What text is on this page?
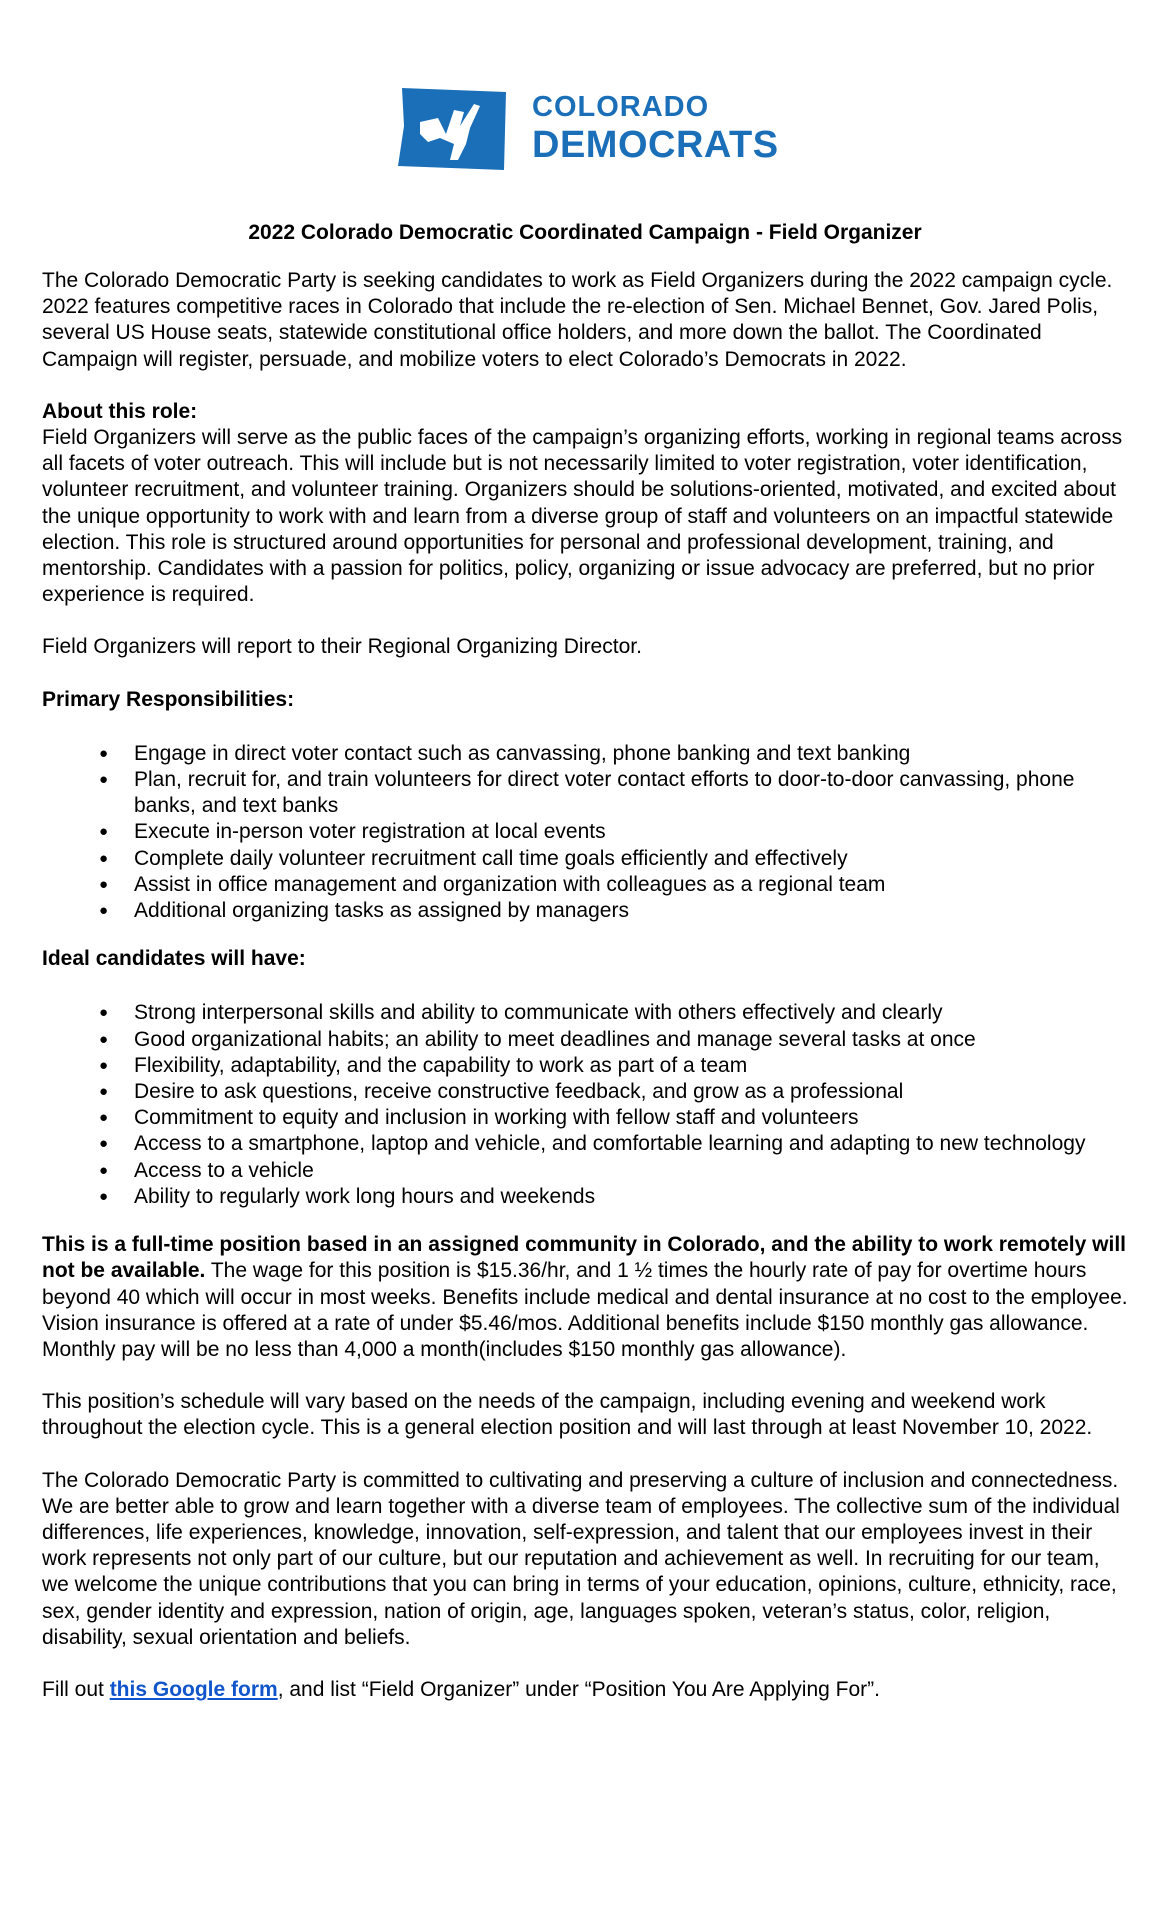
COLORADO
DEMOCRATS
2022 Colorado Democratic Coordinated Campaign - Field Organizer

The Colorado Democratic Party is seeking candidates to work as Field Organizers during the 2022 campaign cycle. 2022 features competitive races in Colorado that include the re-election of Sen. Michael Bennet, Gov. Jared Polis, several US House seats, statewide constitutional office holders, and more down the ballot. The Coordinated Campaign will register, persuade, and mobilize voters to elect Colorado’s Democrats in 2022.

About this role:

Field Organizers will serve as the public faces of the campaign’s organizing efforts, working in regional teams across all facets of voter outreach. This will include but is not necessarily limited to voter registration, voter identification, volunteer recruitment, and volunteer training. Organizers should be solutions-oriented, motivated, and excited about the unique opportunity to work with and learn from a diverse group of staff and volunteers on an impactful statewide election. This role is structured around opportunities for personal and professional development, training, and mentorship. Candidates with a passion for politics, policy, organizing or issue advocacy are preferred, but no prior experience is required.

Field Organizers will report to their Regional Organizing Director.

Primary Responsibilities:
● Engage in direct voter contact such as canvassing, phone banking and text banking
● Plan, recruit for, and train volunteers for direct voter contact efforts to door-to-door canvassing, phone banks, and text banks
● Execute in-person voter registration at local events
● Complete daily volunteer recruitment call time goals efficiently and effectively
● Assist in office management and organization with colleagues as a regional team
● Additional organizing tasks as assigned by managers
Ideal candidates will have:
● Strong interpersonal skills and ability to communicate with others effectively and clearly
● Good organizational habits; an ability to meet deadlines and manage several tasks at once
● Flexibility, adaptability, and the capability to work as part of a team
● Desire to ask questions, receive constructive feedback, and grow as a professional
● Commitment to equity and inclusion in working with fellow staff and volunteers
● Access to a smartphone, laptop and vehicle, and comfortable learning and adapting to new technology
● Access to a vehicle
● Ability to regularly work long hours and weekends

This is a full-time position based in an assigned community in Colorado, and the ability to work remotely will not be available. The wage for this position is $15.36/hr, and 1 ½ times the hourly rate of pay for overtime hours beyond 40 which will occur in most weeks. Benefits include medical and dental insurance at no cost to the employee. Vision insurance is offered at a rate of under $5.46/mos. Additional benefits include $150 monthly gas allowance. Monthly pay will be no less than 4,000 a month(includes $150 monthly gas allowance).

This position’s schedule will vary based on the needs of the campaign, including evening and weekend work throughout the election cycle. This is a general election position and will last through at least November 10, 2022.

The Colorado Democratic Party is committed to cultivating and preserving a culture of inclusion and connectedness. We are better able to grow and learn together with a diverse team of employees. The collective sum of the individual differences, life experiences, knowledge, innovation, self-expression, and talent that our employees invest in their work represents not only part of our culture, but our reputation and achievement as well. In recruiting for our team, we welcome the unique contributions that you can bring in terms of your education, opinions, culture, ethnicity, race, sex, gender identity and expression, nation of origin, age, languages spoken, veteran’s status, color, religion, disability, sexual orientation and beliefs.

Fill out this Google form, and list “Field Organizer” under “Position You Are Applying For”.
